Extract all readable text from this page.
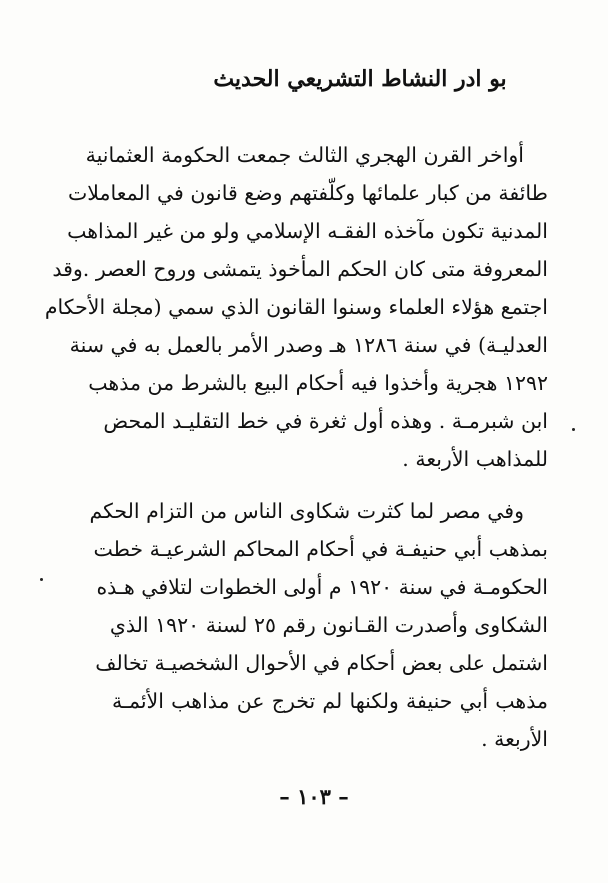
بو ادر النشاط التشريعي الحديث
أواخر القرن الهجري الثالث جمعت الحكومة العثمانية
طائفة من كبار علمائها وكلّفتهم وضع قانون في المعاملات
المدنية تكون مآخذه الفقـه الإسلامي ولو من غير المذاهب
المعروفة متى كان الحكم المأخوذ يتمشى وروح العصر .وقد
اجتمع هؤلاء العلماء وسنوا القانون الذي سمي (مجلة الأحكام
العدليـة) في سنة ١٢٨٦ هـ وصدر الأمر بالعمل به في سنة
١٢٩٢ هجرية وأخذوا فيه أحكام البيع بالشرط من مذهب
ابن شبرمـة . وهذه أول ثغرة في خط التقليـد المحض
للمذاهب الأربعة .
وفي مصر لما كثرت شكاوى الناس من التزام الحكم
بمذهب أبي حنيفـة في أحكام المحاكم الشرعيـة خطت
الحكومـة في سنة ١٩٢٠ م أولى الخطوات لتلافي هـذه
الشكاوى وأصدرت القـانون رقم ٢٥ لسنة ١٩٢٠ الذي
اشتمل على بعض أحكام في الأحوال الشخصيـة تخالف
مذهب أبي حنيفة ولكنها لم تخرج عن مذاهب الأئمـة
الأربعة .
– ١٠٣ –
